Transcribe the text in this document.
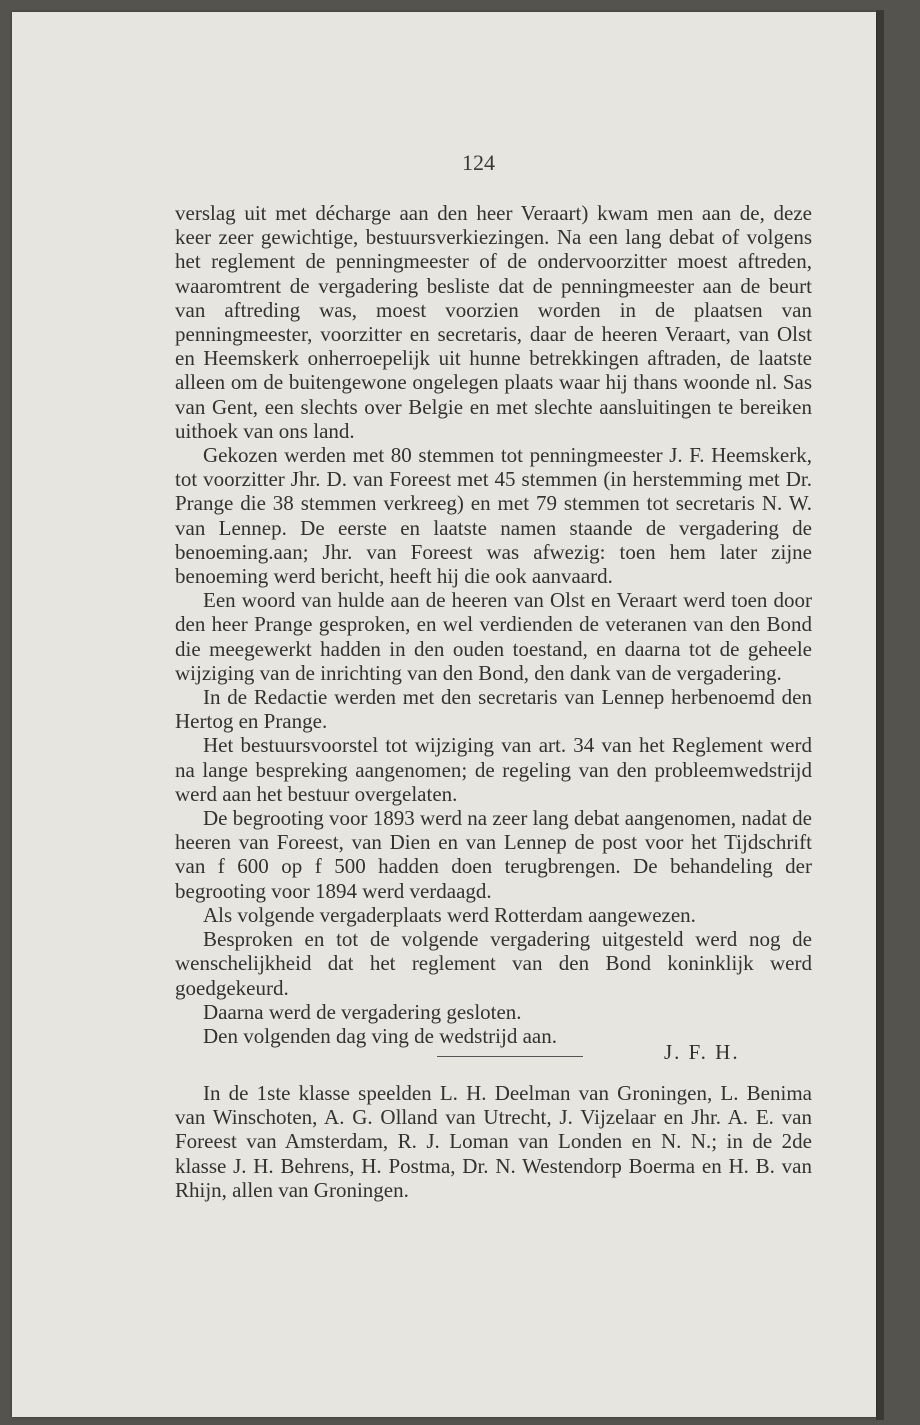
124

verslag uit met décharge aan den heer Veraart) kwam men aan de, deze keer zeer gewichtige, bestuursverkiezingen. Na een lang debat of volgens het reglement de penningmeester of de ondervoorzitter moest aftreden, waaromtrent de vergadering besliste dat de penningmeester aan de beurt van aftreding was, moest voorzien worden in de plaatsen van penningmeester, voorzitter en secretaris, daar de heeren Veraart, van Olst en Heemskerk onherroepelijk uit hunne betrekkingen aftraden, de laatste alleen om de buitengewone ongelegen plaats waar hij thans woonde nl. Sas van Gent, een slechts over Belgie en met slechte aansluitingen te bereiken uithoek van ons land.

Gekozen werden met 80 stemmen tot penningmeester J. F. Heemskerk, tot voorzitter Jhr. D. van Foreest met 45 stemmen (in herstemming met Dr. Prange die 38 stemmen verkreeg) en met 79 stemmen tot secretaris N. W. van Lennep. De eerste en laatste namen staande de vergadering de benoeming.aan; Jhr. van Foreest was afwezig: toen hem later zijne benoeming werd bericht, heeft hij die ook aanvaard.

Een woord van hulde aan de heeren van Olst en Veraart werd toen door den heer Prange gesproken, en wel verdienden de veteranen van den Bond die meegewerkt hadden in den ouden toestand, en daarna tot de geheele wijziging van de inrichting van den Bond, den dank van de vergadering.

In de Redactie werden met den secretaris van Lennep herbenoemd den Hertog en Prange.

Het bestuursvoorstel tot wijziging van art. 34 van het Reglement werd na lange bespreking aangenomen; de regeling van den probleemwedstrijd werd aan het bestuur overgelaten.

De begrooting voor 1893 werd na zeer lang debat aangenomen, nadat de heeren van Foreest, van Dien en van Lennep de post voor het Tijdschrift van f 600 op f 500 hadden doen terugbrengen. De behandeling der begrooting voor 1894 werd verdaagd.

Als volgende vergaderplaats werd Rotterdam aangewezen.

Besproken en tot de volgende vergadering uitgesteld werd nog de wenschelijkheid dat het reglement van den Bond koninklijk werd goedgekeurd.

Daarna werd de vergadering gesloten.

Den volgenden dag ving de wedstrijd aan.

J. F. H.

In de 1ste klasse speelden L. H. Deelman van Groningen, L. Benima van Winschoten, A. G. Olland van Utrecht, J. Vijzelaar en Jhr. A. E. van Foreest van Amsterdam, R. J. Loman van Londen en N. N.; in de 2de klasse J. H. Behrens, H. Postma, Dr. N. Westendorp Boerma en H. B. van Rhijn, allen van Groningen.
